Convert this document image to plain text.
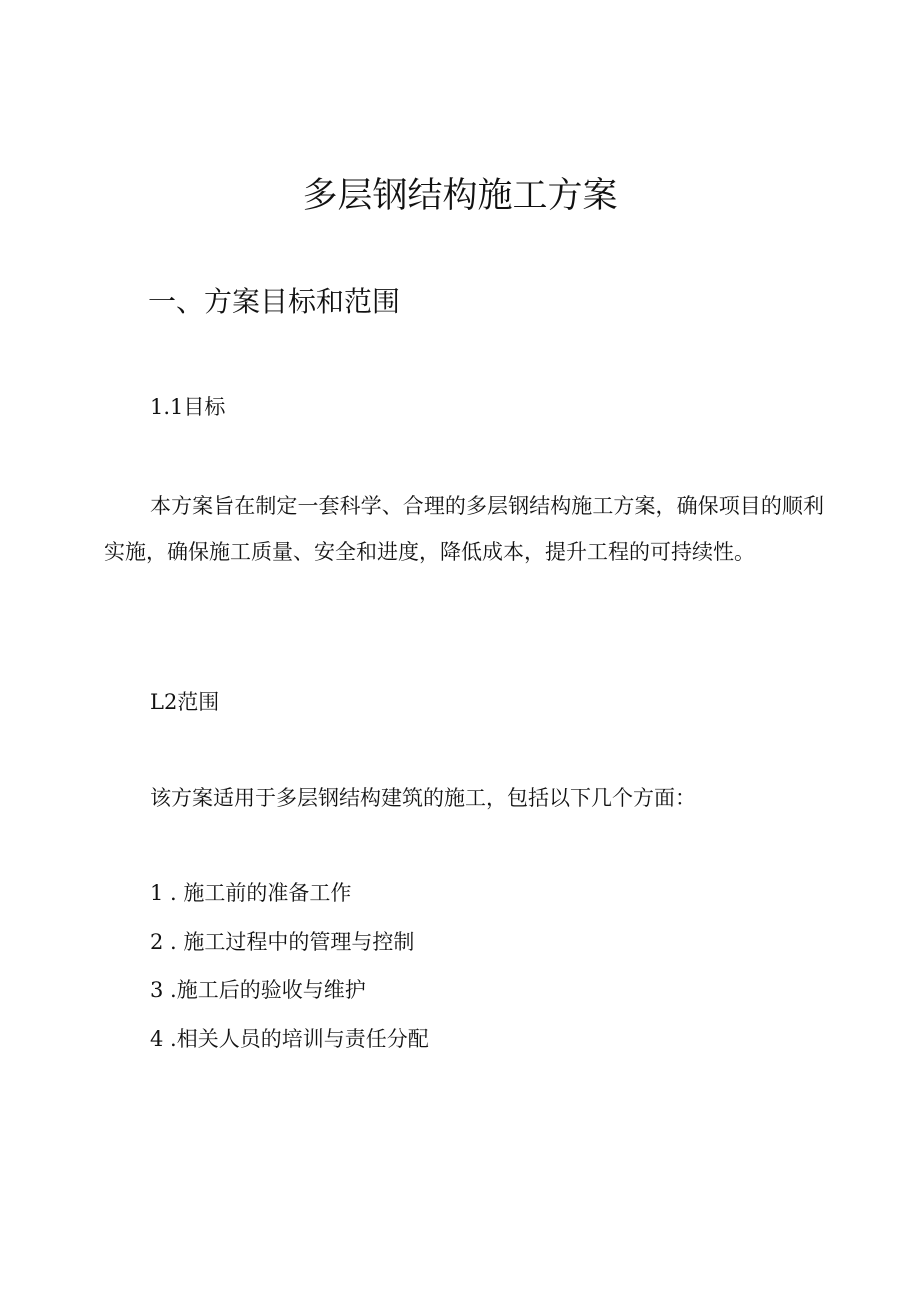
多层钢结构施工方案
一、方案目标和范围
1.1目标

本方案旨在制定一套科学、合理的多层钢结构施工方案，确保项目的顺利实施，确保施工质量、安全和进度，降低成本，提升工程的可持续性。

L2范围

该方案适用于多层钢结构建筑的施工，包括以下几个方面：

1 . 施工前的准备工作
2 . 施工过程中的管理与控制
3 .施工后的验收与维护
4 .相关人员的培训与责任分配
